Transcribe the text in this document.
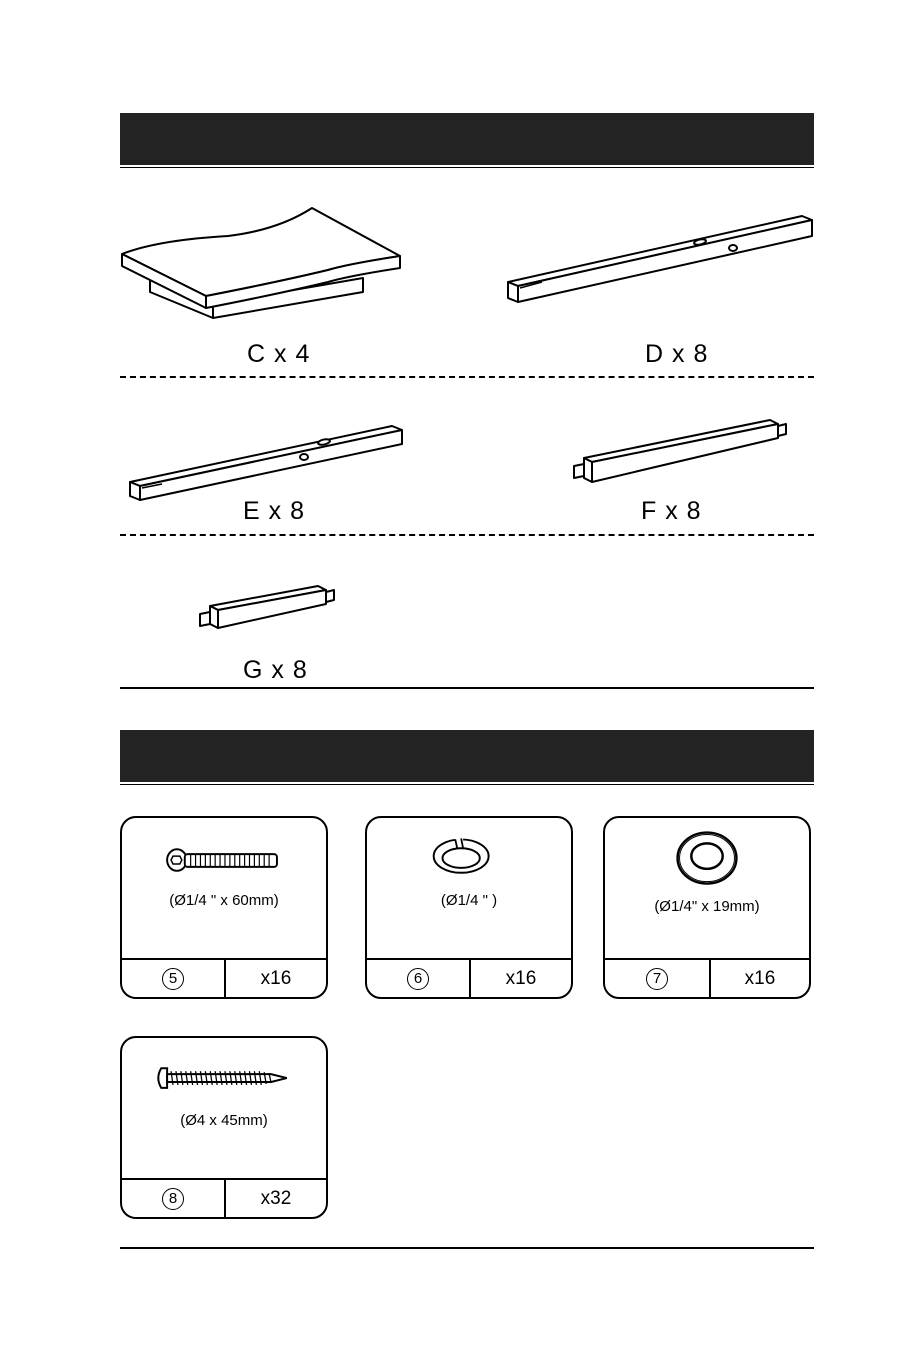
C x 4	D x 8
E x 8	F x 8
G x 8
(Ø1/4 " x 60mm)
5	x16
(Ø1/4 " )
6	x16
(Ø1/4" x 19mm)
7	x16
(Ø4 x 45mm)
8	x32
